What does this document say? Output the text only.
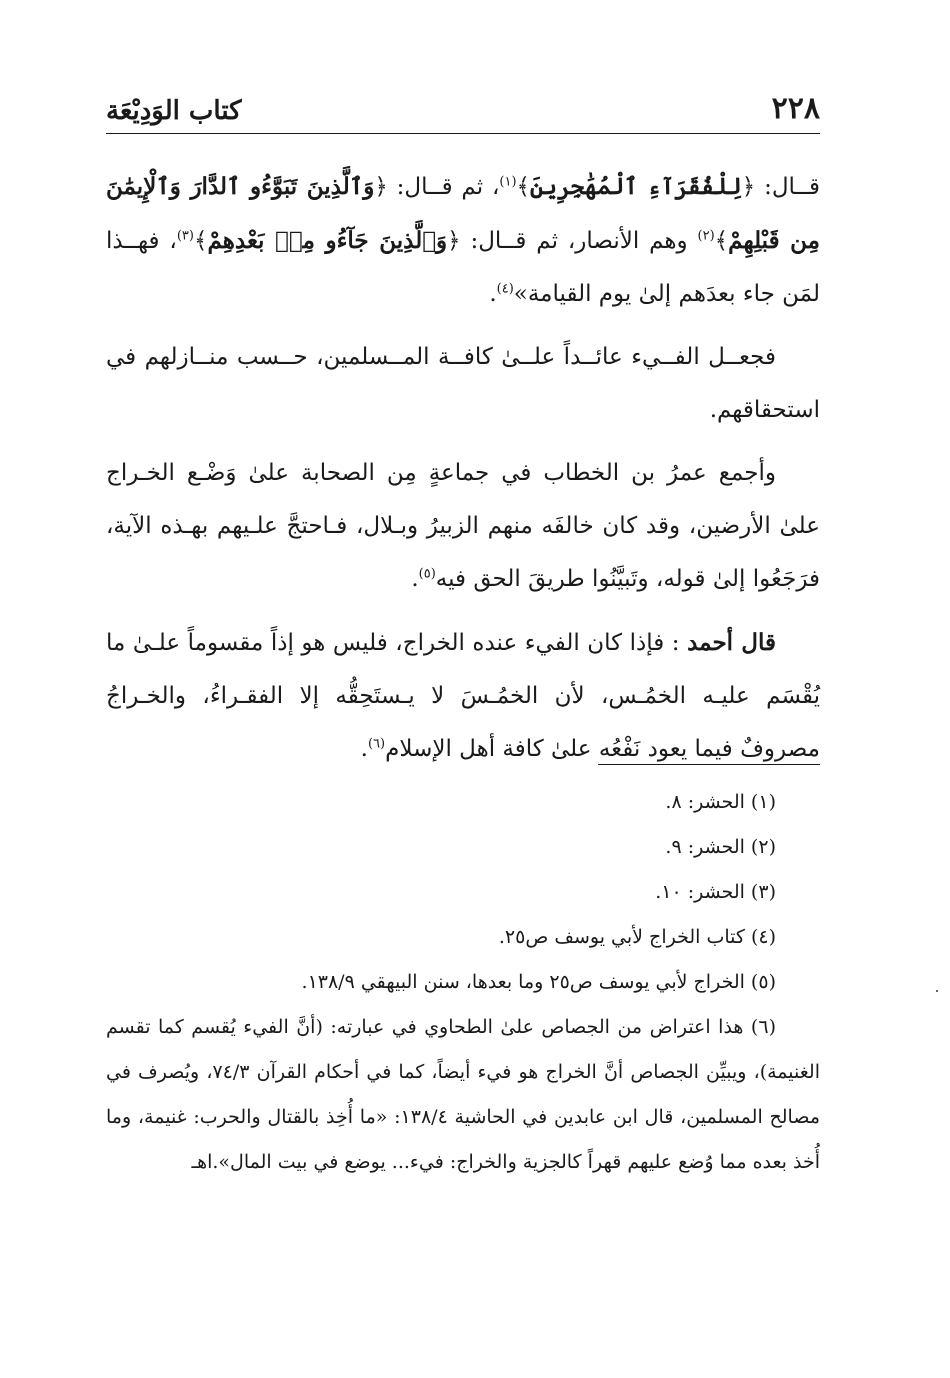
٢٢٨
كتاب الوَدِيْعَة

قــال: ﴿لِلْفُقَرَآءِ ٱلْمُهَٰجِرِينَ﴾$^{(١)}$، ثم قــال: ﴿وَٱلَّذِينَ تَبَوَّءُو ٱلدَّارَ وَٱلْإِيمَٰنَ مِن قَبْلِهِمْ﴾$^{(٢)}$ وهم الأنصار، ثم قــال: ﴿وَٱلَّذِينَ جَآءُو مِنۢ بَعْدِهِمْ﴾$^{(٣)}$، فهــذا لمَن جاء بعدَهم إلىٰ يوم القيامة»$^{(٤)}$.

فجعــل الفــيء عائــداً علــىٰ كافــة المــسلمين، حــسب منــازلهم في استحقاقهم.

وأجمع عمرُ بن الخطاب في جماعةٍ مِن الصحابة علىٰ وَضْـع الخـراج علىٰ الأرضين، وقد كان خالفَه منهم الزبيرُ وبـلال، فـاحتجَّ علـيهم بهـذه الآية، فرَجَعُوا إلىٰ قوله، وتَبيَّنُوا طريقَ الحق فيه$^{(٥)}$.

قال أحمد : فإذا كان الفيء عنده الخراج، فليس هو إذاً مقسوماً علـىٰ ما يُقْسَم عليـه الخمُـس، لأن الخمُـسَ لا يـستَحِقُّه إلا الفقـراءُ، والخـراجُ مصروفٌ فيما يعود نَفْعُه علىٰ كافة أهل الإسلام$^{(٦)}$.

(١) الحشر: ٨.

(٢) الحشر: ٩.

(٣) الحشر: ١٠.

(٤) كتاب الخراج لأبي يوسف ص٢٥.

(٥) الخراج لأبي يوسف ص٢٥ وما بعدها، سنن البيهقي ١٣٨/٩.

(٦) هذا اعتراض من الجصاص علىٰ الطحاوي في عبارته: (أنَّ الفيء يُقسم كما تقسم الغنيمة)، ويبيِّن الجصاص أنَّ الخراج هو فيء أيضاً، كما في أحكام القرآن ٧٤/٣، ويُصرف في مصالح المسلمين، قال ابن عابدين في الحاشية ١٣٨/٤: «ما أُخِذ بالقتال والحرب: غنيمة، وما أُخذ بعده مما وُضع عليهم قهراً كالجزية والخراج: فيء... يوضع في بيت المال».اهـ
